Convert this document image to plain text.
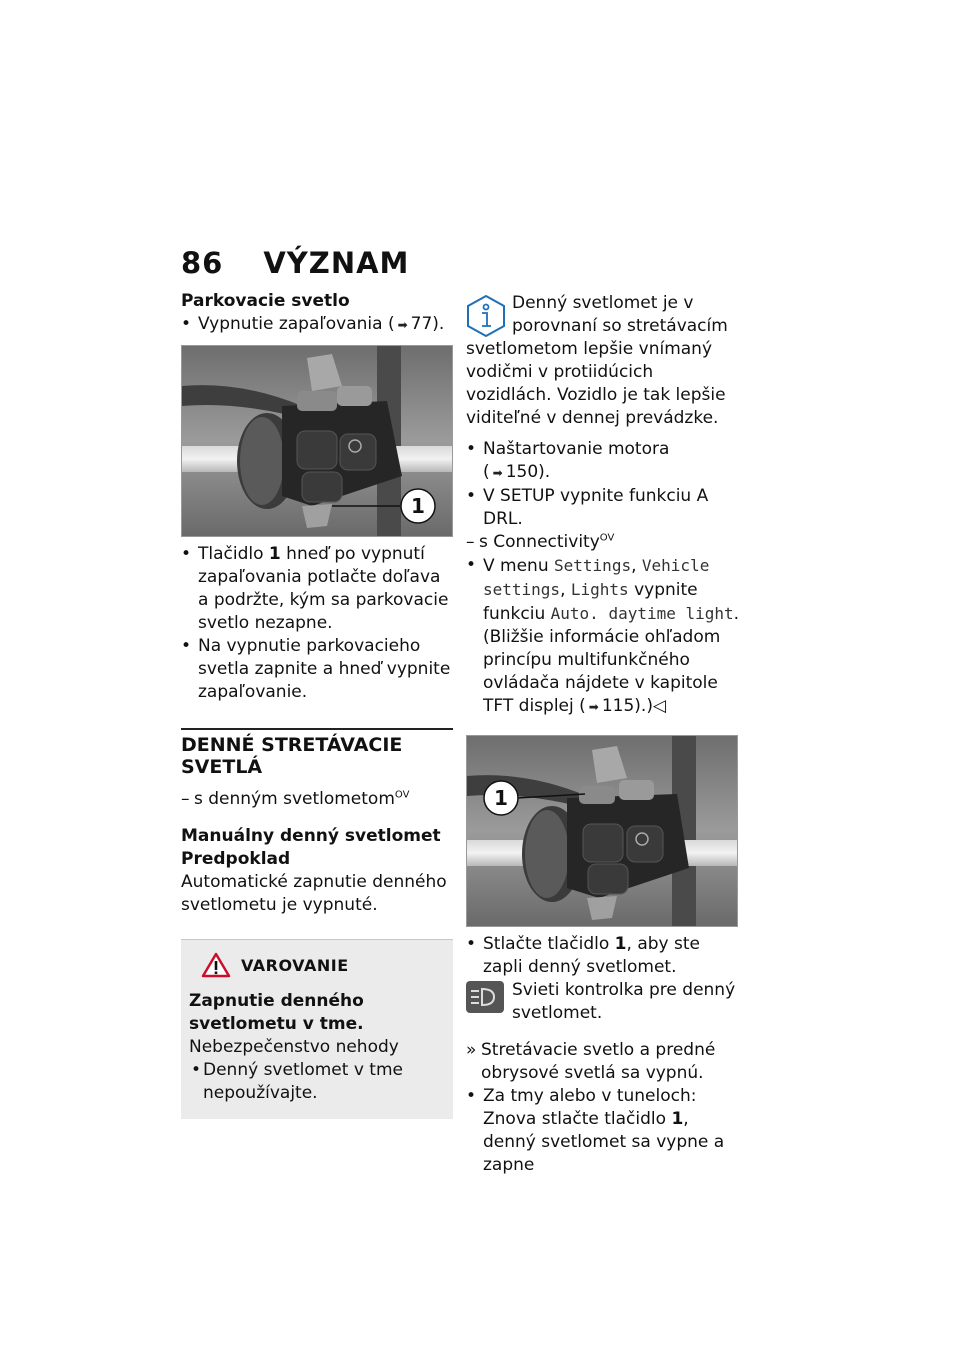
86 VÝZNAM
Parkovacie svetlo
• Vypnutie zapaľovania ( ➡ 77).
1
• Tlačidlo 1 hneď po vypnutí zapaľovania potlačte doľava a podržte, kým sa parkovacie svetlo nezapne.
• Na vypnutie parkovacieho svetla zapnite a hneď vypnite zapaľovanie.
DENNÉ STRETÁVACIE SVETLÁ
– s denným svetlometom$^{OV}$
Manuálny denný svetlomet
Predpoklad
Automatické zapnutie denného svetlometu je vypnuté.
VAROVANIE
Zapnutie denného svetlometu v tme.
Nebezpečenstvo nehody
• Denný svetlomet v tme nepoužívajte.
Denný svetlomet je v porovnaní so stretávacím
svetlometom lepšie vnímaný vodičmi v protiidúcich vozidlách. Vozidlo je tak lepšie viditeľné v dennej prevádzke.
• Naštartovanie motora ( ➡ 150).
• V SETUP vypnite funkciu A DRL.
– s Connectivity$^{OV}$
• V menu Settings, Vehicle settings, Lights vypnite funkciu Auto. daytime light. (Bližšie informácie ohľadom princípu multifunkčného ovládača nájdete v kapitole TFT displej ( ➡ 115).)◁
1
• Stlačte tlačidlo 1, aby ste zapli denný svetlomet.
Svieti kontrolka pre denný svetlomet.
» Stretávacie svetlo a predné obrysové svetlá sa vypnú.
• Za tmy alebo v tuneloch: Znova stlačte tlačidlo 1, denný svetlomet sa vypne a zapne
